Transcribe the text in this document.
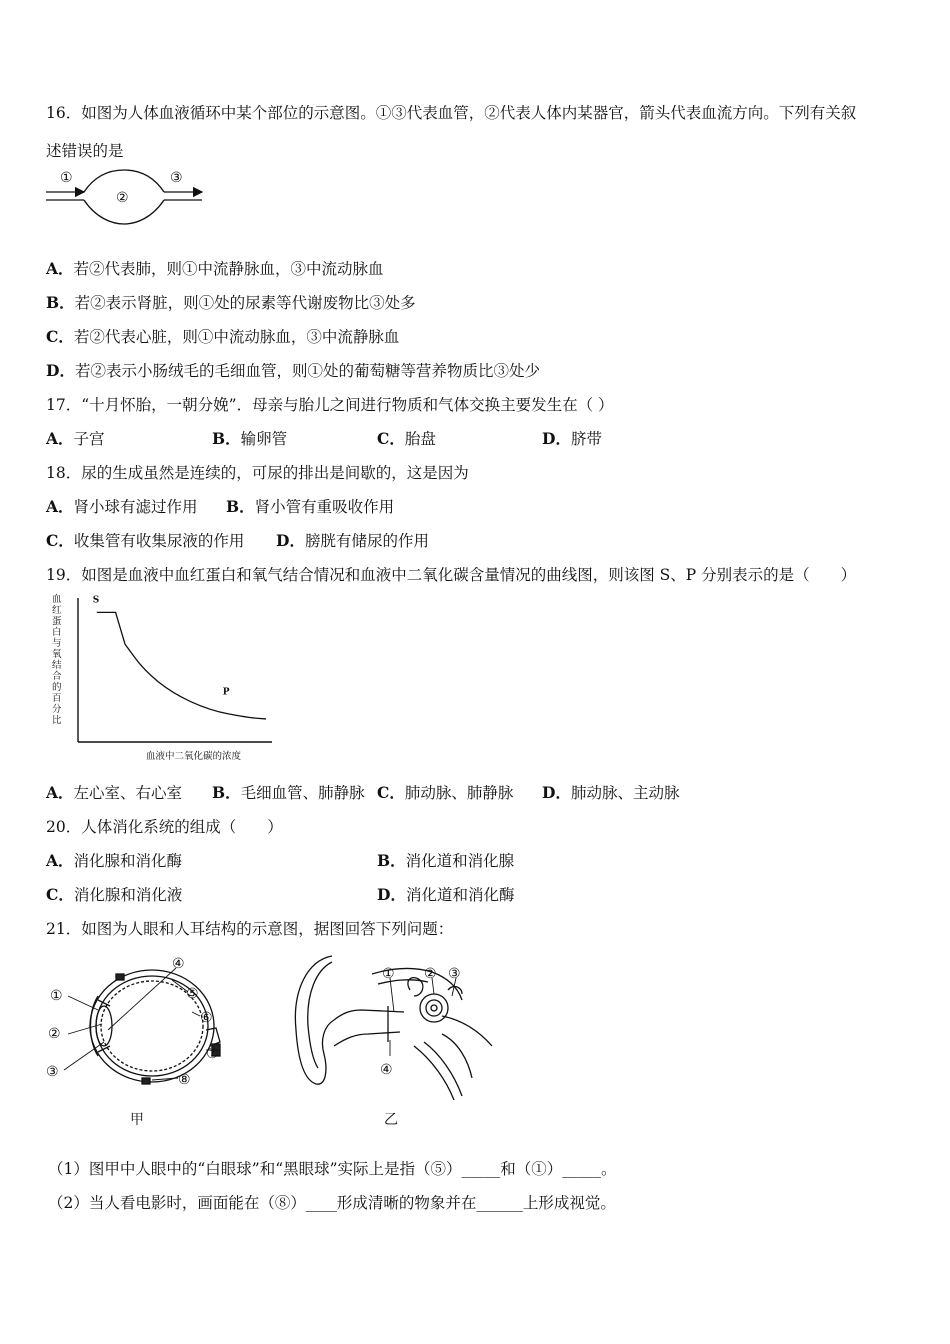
16．如图为人体血液循环中某个部位的示意图。①③代表血管，②代表人体内某器官，箭头代表血流方向。下列有关叙
述错误的是
①
②
③
A．若②代表肺，则①中流静脉血，③中流动脉血
B．若②表示肾脏，则①处的尿素等代谢废物比③处多
C．若②代表心脏，则①中流动脉血，③中流静脉血
D．若②表示小肠绒毛的毛细血管，则①处的葡萄糖等营养物质比③处少
17．“十月怀胎，一朝分娩”．母亲与胎儿之间进行物质和气体交换主要发生在（ ）
A．子宫	B．输卵管	C．胎盘	D．脐带
18．尿的生成虽然是连续的，可尿的排出是间歇的，这是因为
A．肾小球有滤过作用 B．肾小管有重吸收作用
C．收集管有收集尿液的作用 D．膀胱有储尿的作用
19．如图是血液中血红蛋白和氧气结合情况和血液中二氧化碳含量情况的曲线图，则该图 S、P 分别表示的是（　　）
血
红
蛋
白
与
氧
结
合
的
百
分
比
S
P
血液中二氧化碳的浓度
A．左心室、右心室 B．毛细血管、肺静脉 C．肺动脉、肺静脉 D．肺动脉、主动脉
20．人体消化系统的组成（　　）
A．消化腺和消化酶	B．消化道和消化腺
C．消化腺和消化液	D．消化道和消化酶
21．如图为人眼和人耳结构的示意图，据图回答下列问题：
①
②
③
④
⑤
⑥
⑦
⑧
甲
① ② ③
④
乙
（1）图甲中人眼中的“白眼球”和“黑眼球”实际上是指（⑤）_____和（①）_____。
（2）当人看电影时，画面能在（⑧）____形成清晰的物象并在______上形成视觉。
